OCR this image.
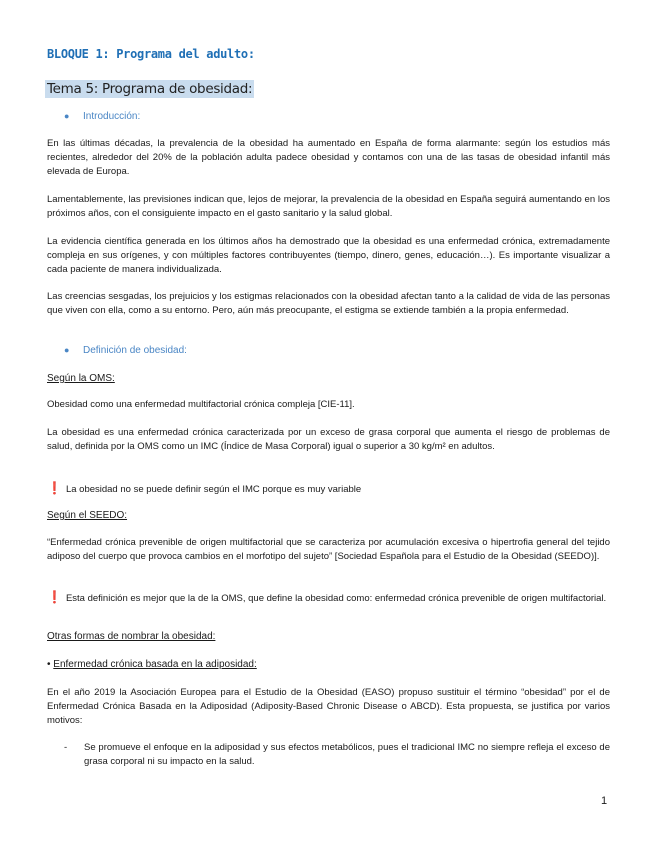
BLOQUE 1: Programa del adulto:
Tema 5: Programa de obesidad:
● Introducción:

En las últimas décadas, la prevalencia de la obesidad ha aumentado en España de forma alarmante: según los estudios más recientes, alrededor del 20% de la población adulta padece obesidad y contamos con una de las tasas de obesidad infantil más elevada de Europa.

Lamentablemente, las previsiones indican que, lejos de mejorar, la prevalencia de la obesidad en España seguirá aumentando en los próximos años, con el consiguiente impacto en el gasto sanitario y la salud global.

La evidencia científica generada en los últimos años ha demostrado que la obesidad es una enfermedad crónica, extremadamente compleja en sus orígenes, y con múltiples factores contribuyentes (tiempo, dinero, genes, educación…). Es importante visualizar a cada paciente de manera individualizada.

Las creencias sesgadas, los prejuicios y los estigmas relacionados con la obesidad afectan tanto a la calidad de vida de las personas que viven con ella, como a su entorno. Pero, aún más preocupante, el estigma se extiende también a la propia enfermedad.

● Definición de obesidad:
Según la OMS:

Obesidad como una enfermedad multifactorial crónica compleja [CIE-11].

La obesidad es una enfermedad crónica caracterizada por un exceso de grasa corporal que aumenta el riesgo de problemas de salud, definida por la OMS como un IMC (Índice de Masa Corporal) igual o superior a 30 kg/m² en adultos.

❗ La obesidad no se puede definir según el IMC porque es muy variable

Según el SEEDO:

“Enfermedad crónica prevenible de origen multifactorial que se caracteriza por acumulación excesiva o hipertrofia general del tejido adiposo del cuerpo que provoca cambios en el morfotipo del sujeto” [Sociedad Española para el Estudio de la Obesidad (SEEDO)].

❗ Esta definición es mejor que la de la OMS, que define la obesidad como: enfermedad crónica prevenible de origen multifactorial.

Otras formas de nombrar la obesidad:
• Enfermedad crónica basada en la adiposidad:

En el año 2019 la Asociación Europea para el Estudio de la Obesidad (EASO) propuso sustituir el término “obesidad” por el de Enfermedad Crónica Basada en la Adiposidad (Adiposity-Based Chronic Disease o ABCD). Esta propuesta, se justifica por varios motivos:

- Se promueve el enfoque en la adiposidad y sus efectos metabólicos, pues el tradicional IMC no siempre refleja el exceso de grasa corporal ni su impacto en la salud.

1
